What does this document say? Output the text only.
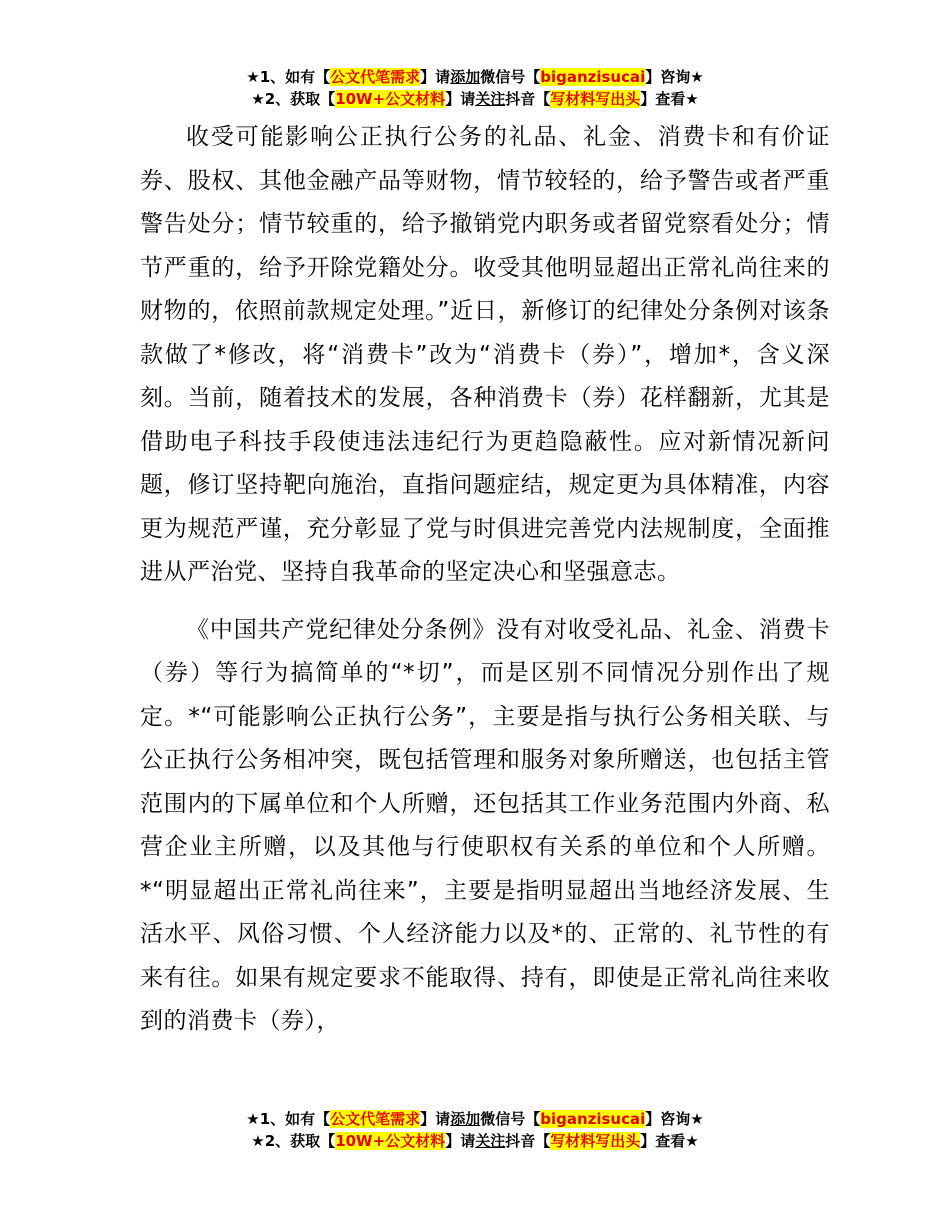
★1、如有【公文代笔需求】请添加微信号【biganzisucai】咨询★
★2、获取【10W+公文材料】请关注抖音【写材料写出头】查看★

收受可能影响公正执行公务的礼品、礼金、消费卡和有价证券、股权、其他金融产品等财物，情节较轻的，给予警告或者严重警告处分；情节较重的，给予撤销党内职务或者留党察看处分；情节严重的，给予开除党籍处分。收受其他明显超出正常礼尚往来的财物的，依照前款规定处理。”近日，新修订的纪律处分条例对该条款做了*修改，将“消费卡”改为“消费卡（券）”，增加*，含义深刻。当前，随着技术的发展，各种消费卡（券）花样翻新，尤其是借助电子科技手段使违法违纪行为更趋隐蔽性。应对新情况新问题，修订坚持靶向施治，直指问题症结，规定更为具体精准，内容更为规范严谨，充分彰显了党与时俱进完善党内法规制度，全面推进从严治党、坚持自我革命的坚定决心和坚强意志。

《中国共产党纪律处分条例》没有对收受礼品、礼金、消费卡（券）等行为搞简单的“*切”，而是区别不同情况分别作出了规定。*“可能影响公正执行公务”，主要是指与执行公务相关联、与公正执行公务相冲突，既包括管理和服务对象所赠送，也包括主管范围内的下属单位和个人所赠，还包括其工作业务范围内外商、私营企业主所赠，以及其他与行使职权有关系的单位和个人所赠。*“明显超出正常礼尚往来”，主要是指明显超出当地经济发展、生活水平、风俗习惯、个人经济能力以及*的、正常的、礼节性的有来有往。如果有规定要求不能取得、持有，即使是正常礼尚往来收到的消费卡（券），

★1、如有【公文代笔需求】请添加微信号【biganzisucai】咨询★
★2、获取【10W+公文材料】请关注抖音【写材料写出头】查看★
